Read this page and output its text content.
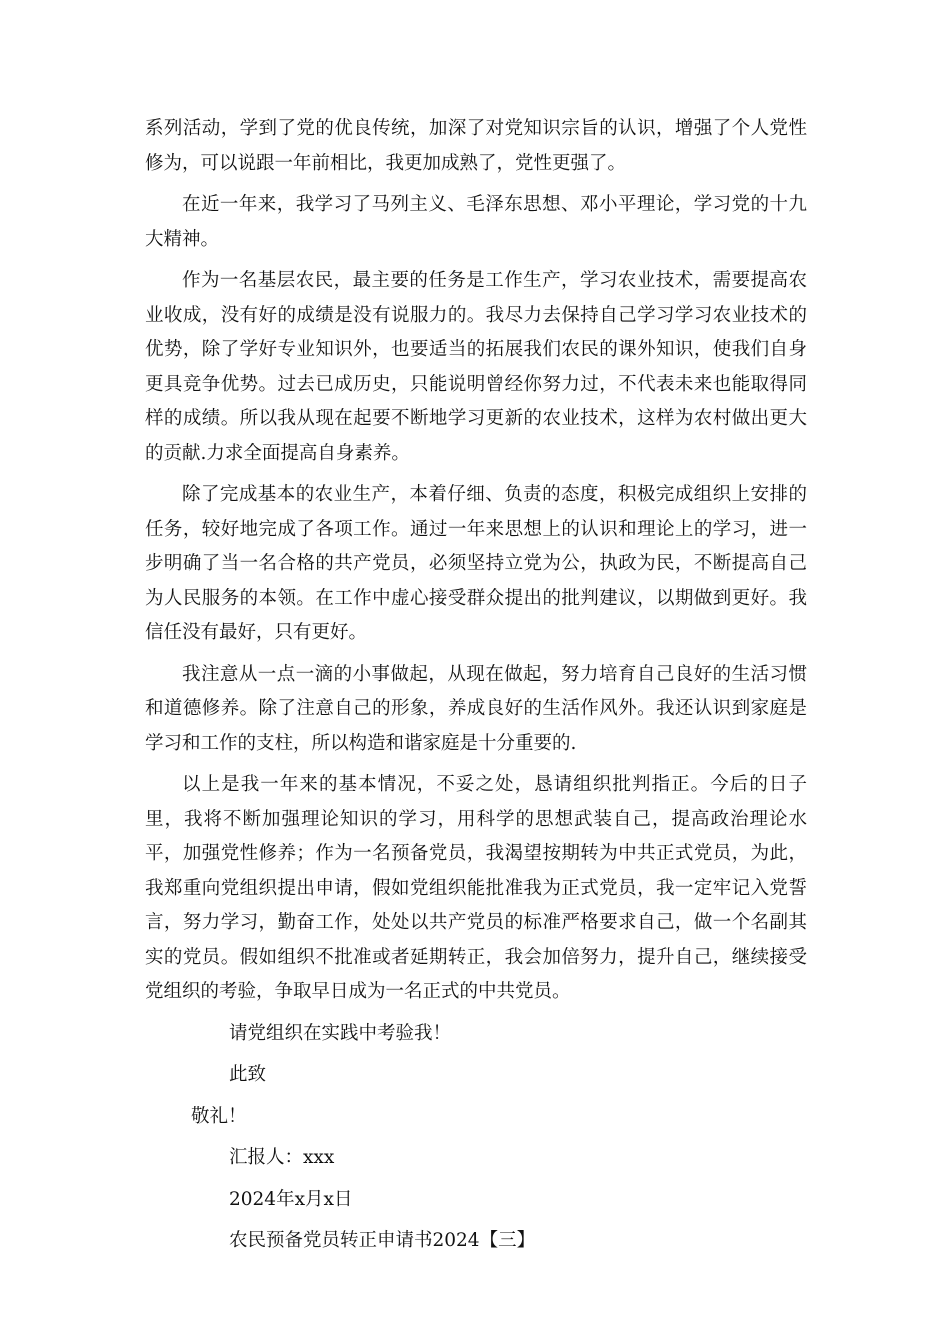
系列活动，学到了党的优良传统，加深了对党知识宗旨的认识，增强了个人党性修为，可以说跟一年前相比，我更加成熟了，党性更强了。

在近一年来，我学习了马列主义、毛泽东思想、邓小平理论，学习党的十九大精神。

作为一名基层农民，最主要的任务是工作生产，学习农业技术，需要提高农业收成，没有好的成绩是没有说服力的。我尽力去保持自己学习学习农业技术的优势，除了学好专业知识外，也要适当的拓展我们农民的课外知识，使我们自身更具竞争优势。过去已成历史，只能说明曾经你努力过，不代表未来也能取得同样的成绩。所以我从现在起要不断地学习更新的农业技术，这样为农村做出更大的贡献.力求全面提高自身素养。

除了完成基本的农业生产，本着仔细、负责的态度，积极完成组织上安排的任务，较好地完成了各项工作。通过一年来思想上的认识和理论上的学习，进一步明确了当一名合格的共产党员，必须坚持立党为公，执政为民，不断提高自己为人民服务的本领。在工作中虚心接受群众提出的批判建议，以期做到更好。我信任没有最好，只有更好。

我注意从一点一滴的小事做起，从现在做起，努力培育自己良好的生活习惯和道德修养。除了注意自己的形象，养成良好的生活作风外。我还认识到家庭是学习和工作的支柱，所以构造和谐家庭是十分重要的.

以上是我一年来的基本情况，不妥之处，恳请组织批判指正。今后的日子里，我将不断加强理论知识的学习，用科学的思想武装自己，提高政治理论水平，加强党性修养；作为一名预备党员，我渴望按期转为中共正式党员，为此，我郑重向党组织提出申请，假如党组织能批准我为正式党员，我一定牢记入党誓言，努力学习，勤奋工作，处处以共产党员的标准严格要求自己，做一个名副其实的党员。假如组织不批准或者延期转正，我会加倍努力，提升自己，继续接受党组织的考验，争取早日成为一名正式的中共党员。

请党组织在实践中考验我！
此致
敬礼！
汇报人：xxx
2024年x月x日
农民预备党员转正申请书2024【三】
